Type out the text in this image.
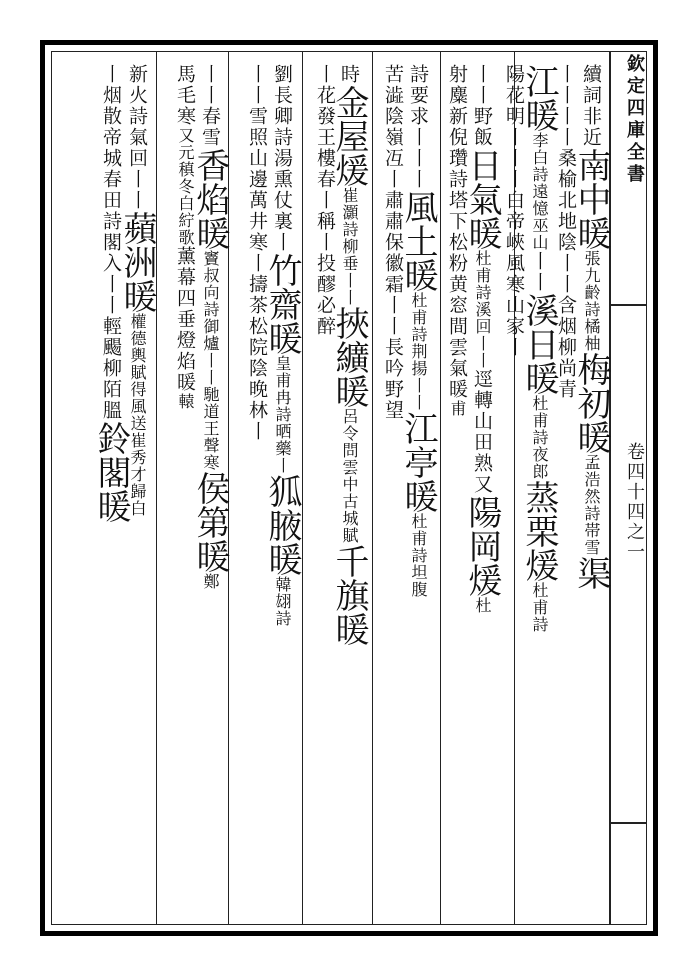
欽定四庫全書
卷四十四之一
續詞非近南中暖張九齡詩橘柚梅初暖孟浩然詩帯雪渠
丨丨丨丨桑榆北地陰丨丨含烟柳尚青
江暖李白詩遠憶巫山丨丨溪日暖杜甫詩夜郎蒸栗煖杜甫詩
陽花明丨丨丨白帝峽風寒山家丨
丨丨野飯日氣暖杜甫詩溪回丨丨逕轉山田熟又陽岡煖杜
射麋新倪瓚詩塔下松粉黄窓間雲氣暖甫
詩要求丨丨丨風土暖杜甫詩荆揚丨丨江亭暖杜甫詩坦腹
苦澁陰嶺冱丨肅肅保徽霜丨丨長吟野望
時金屋煖崔灝詩柳垂丨丨挾纊暖呂令問雲中古城賦千旗暖
丨花發王樓春丨稱丨投醪必醉
劉長卿詩湯熏仗裏丨竹齋暖皇甫冉詩晒藥丨狐腋暖韓翃詩
丨丨雪照山邊萬井寒丨擣茶松院陰晚林丨
丨丨春雪香焰暖竇叔向詩御爐丨丨馳道王聲寒侯第暖鄭
馬毛寒又元稹冬白紵歌薰幕四垂燈焰暖轅
新火詩氣回丨丨蘋洲暖權德輿賦得風送崔秀才歸白
丨烟散帝城春田詩閣入丨丨輕颺柳陌膃鈴閣暖
